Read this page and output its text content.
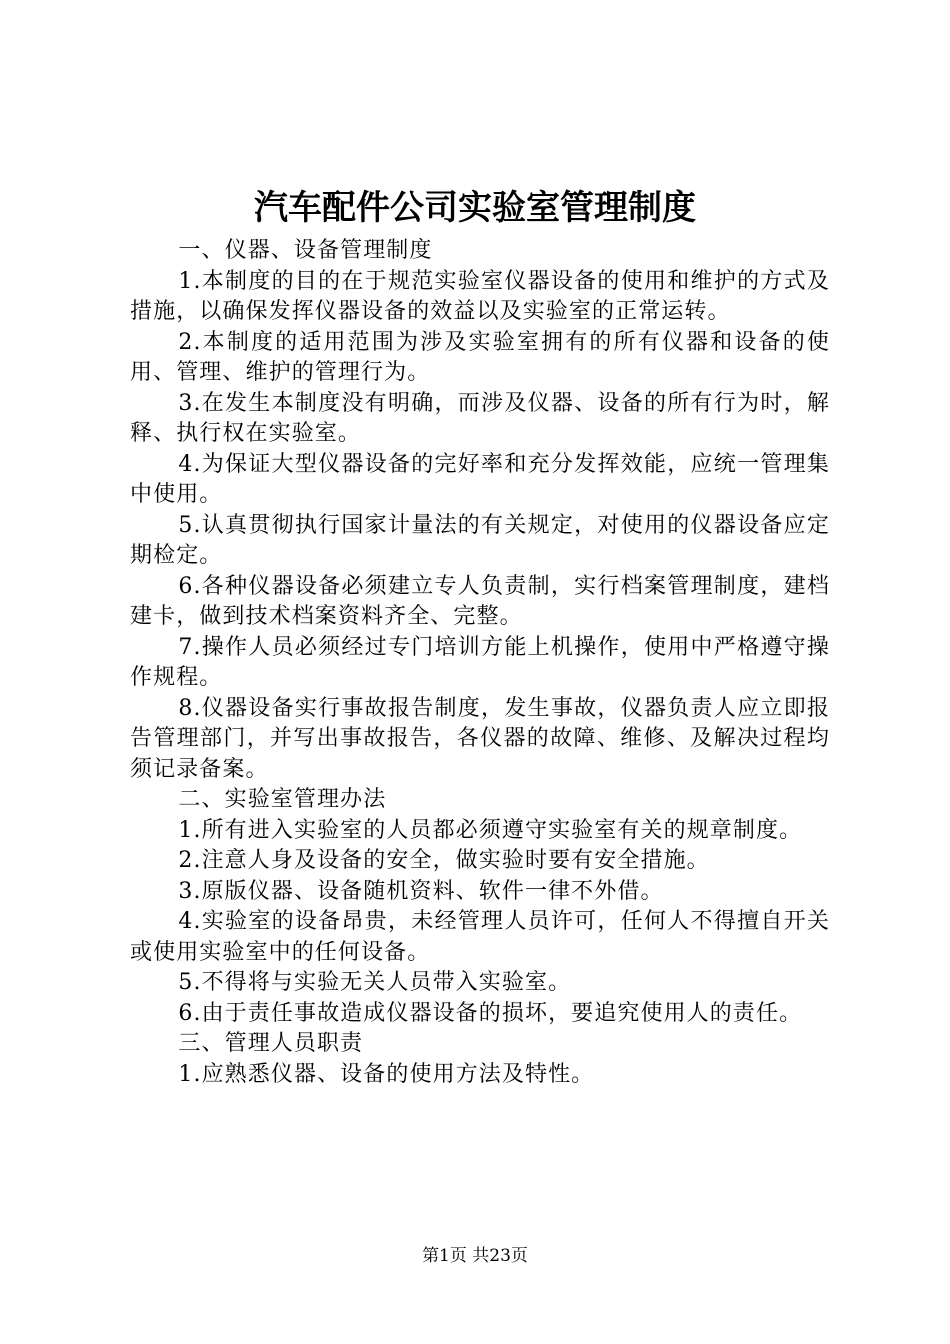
汽车配件公司实验室管理制度

一、仪器、设备管理制度

1.本制度的目的在于规范实验室仪器设备的使用和维护的方式及措施，以确保发挥仪器设备的效益以及实验室的正常运转。

2.本制度的适用范围为涉及实验室拥有的所有仪器和设备的使用、管理、维护的管理行为。

3.在发生本制度没有明确，而涉及仪器、设备的所有行为时，解释、执行权在实验室。

4.为保证大型仪器设备的完好率和充分发挥效能，应统一管理集中使用。

5.认真贯彻执行国家计量法的有关规定，对使用的仪器设备应定期检定。

6.各种仪器设备必须建立专人负责制，实行档案管理制度，建档建卡，做到技术档案资料齐全、完整。

7.操作人员必须经过专门培训方能上机操作，使用中严格遵守操作规程。

8.仪器设备实行事故报告制度，发生事故，仪器负责人应立即报告管理部门，并写出事故报告，各仪器的故障、维修、及解决过程均须记录备案。

二、实验室管理办法

1.所有进入实验室的人员都必须遵守实验室有关的规章制度。

2.注意人身及设备的安全，做实验时要有安全措施。

3.原版仪器、设备随机资料、软件一律不外借。

4.实验室的设备昂贵，未经管理人员许可，任何人不得擅自开关或使用实验室中的任何设备。

5.不得将与实验无关人员带入实验室。

6.由于责任事故造成仪器设备的损坏，要追究使用人的责任。

三、管理人员职责

1.应熟悉仪器、设备的使用方法及特性。

第1页 共23页
